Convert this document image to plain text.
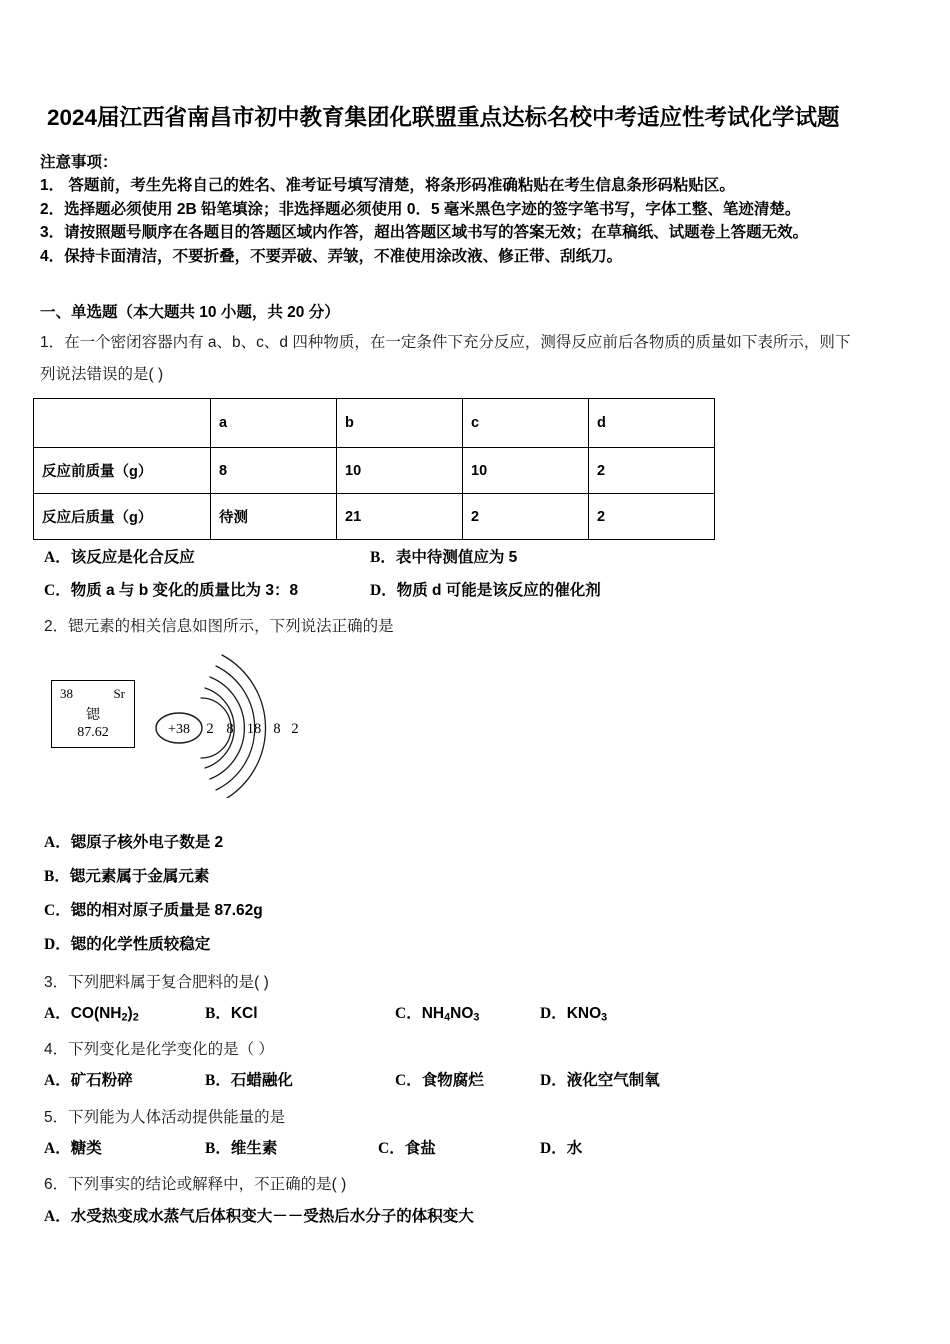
2024届江西省南昌市初中教育集团化联盟重点达标名校中考适应性考试化学试题
注意事项：
1． 答题前，考生先将自己的姓名、准考证号填写清楚，将条形码准确粘贴在考生信息条形码粘贴区。
2．选择题必须使用 2B 铅笔填涂；非选择题必须使用 0．5 毫米黑色字迹的签字笔书写，字体工整、笔迹清楚。
3．请按照题号顺序在各题目的答题区域内作答，超出答题区域书写的答案无效；在草稿纸、试题卷上答题无效。
4．保持卡面清洁，不要折叠，不要弄破、弄皱，不准使用涂改液、修正带、刮纸刀。
一、单选题（本大题共 10 小题，共 20 分）
1．在一个密闭容器内有 a、b、c、d 四种物质，在一定条件下充分反应，测得反应前后各物质的质量如下表所示，则下
列说法错误的是( )
	a	b	c	d
反应前质量（g）	8	10	10	2
反应后质量（g）	待测	21	2	2
A．该反应是化合反应	B．表中待测值应为 5
C．物质 a 与 b 变化的质量比为 3：8	D．物质 d 可能是该反应的催化剂
2．锶元素的相关信息如图所示，下列说法正确的是
38	Sr
锶
87.62	+38 2 8 18 8 2
A．锶原子核外电子数是 2
B．锶元素属于金属元素
C．锶的相对原子质量是 87.62g
D．锶的化学性质较稳定
3．下列肥料属于复合肥料的是( )
A．$CO(NH_2)_2$	B．KCl	C．$NH_4NO_3$	D．$KNO_3$
4．下列变化是化学变化的是（ ）
A．矿石粉碎	B．石蜡融化	C．食物腐烂	D．液化空气制氧
5．下列能为人体活动提供能量的是
A．糖类	B．维生素	C．食盐	D．水
6．下列事实的结论或解释中，不正确的是( )
A．水受热变成水蒸气后体积变大－－受热后水分子的体积变大
